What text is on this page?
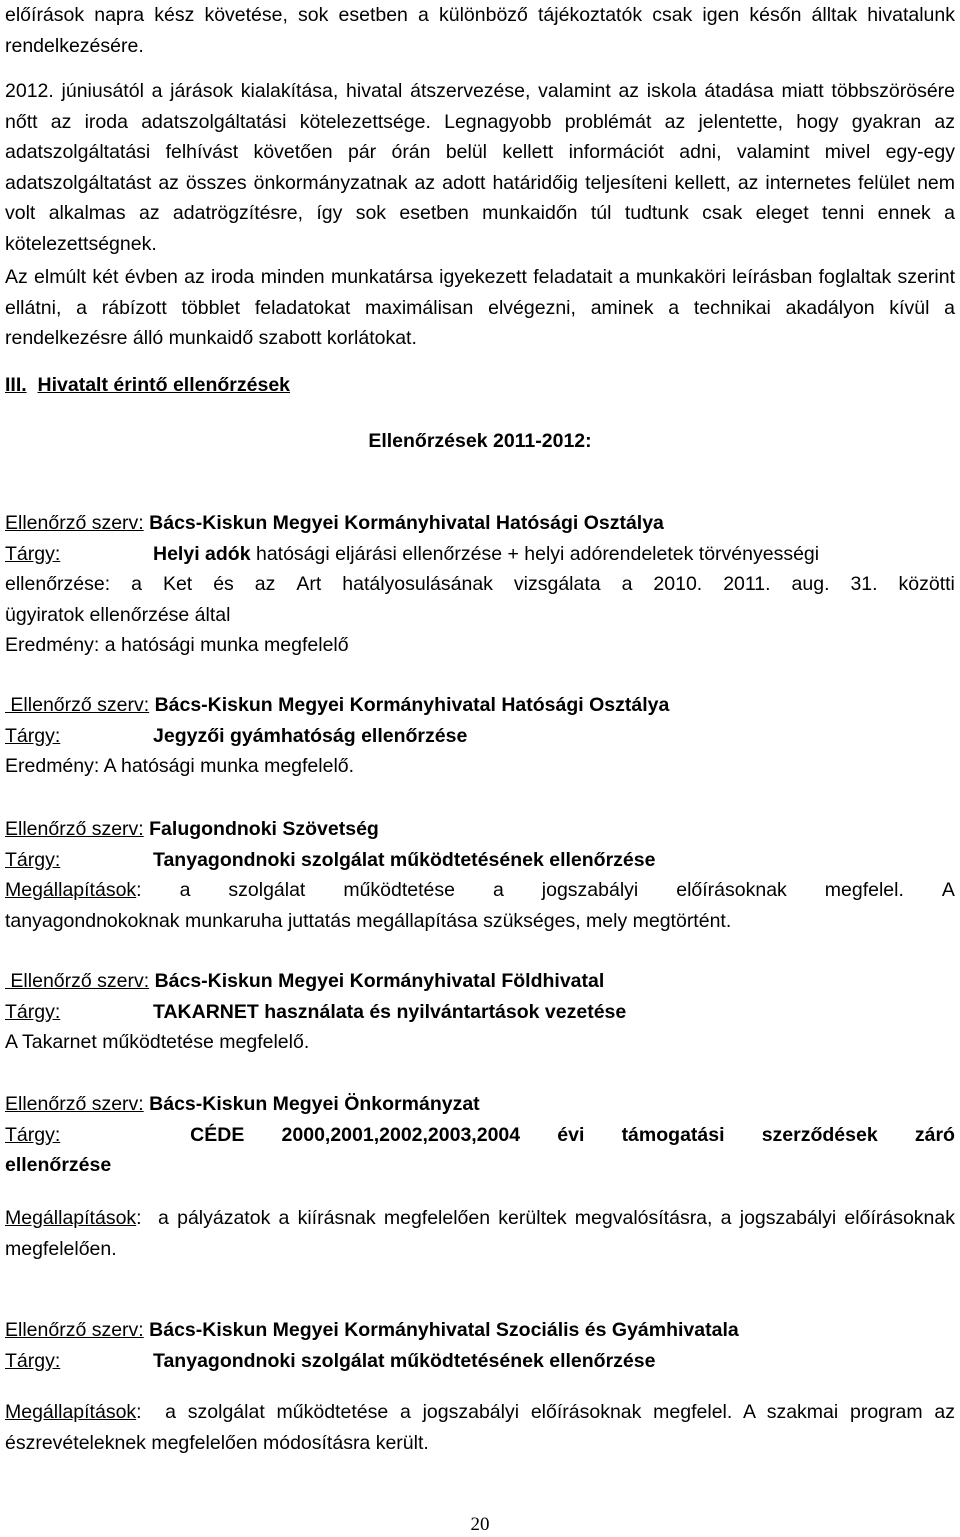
előírások napra kész követése, sok esetben a különböző tájékoztatók csak igen későn álltak hivatalunk rendelkezésére.

2012. júniusától a járások kialakítása, hivatal átszervezése, valamint az iskola átadása miatt többszörösére nőtt az iroda adatszolgáltatási kötelezettsége. Legnagyobb problémát az jelentette, hogy gyakran az adatszolgáltatási felhívást követően pár órán belül kellett információt adni, valamint mivel egy-egy adatszolgáltatást az összes önkormányzatnak az adott határidőig teljesíteni kellett, az internetes felület nem volt alkalmas az adatrögzítésre, így sok esetben munkaidőn túl tudtunk csak eleget tenni ennek a kötelezettségnek.

Az elmúlt két évben az iroda minden munkatársa igyekezett feladatait a munkaköri leírásban foglaltak szerint ellátni, a rábízott többlet feladatokat maximálisan elvégezni, aminek a technikai akadályon kívül a rendelkezésre álló munkaidő szabott korlátokat.

III. Hivatalt érintő ellenőrzések

Ellenőrzések 2011-2012:

Ellenőrző szerv: Bács-Kiskun Megyei Kormányhivatal Hatósági Osztálya

Tárgy:	Helyi adók hatósági eljárási ellenőrzése + helyi adórendeletek törvényességi

ellenőrzése: a Ket és az Art hatályosulásának vizsgálata a 2010. 2011. aug. 31. közötti

ügyiratok ellenőrzése által

Eredmény: a hatósági munka megfelelő

Ellenőrző szerv: Bács-Kiskun Megyei Kormányhivatal Hatósági Osztálya

Tárgy:	Jegyzői gyámhatóság ellenőrzése

Eredmény: A hatósági munka megfelelő.

Ellenőrző szerv: Falugondnoki Szövetség

Tárgy:	Tanyagondnoki szolgálat működtetésének ellenőrzése

Megállapítások: a szolgálat működtetése a jogszabályi előírásoknak megfelel. A

tanyagondnokoknak munkaruha juttatás megállapítása szükséges, mely megtörtént.

Ellenőrző szerv: Bács-Kiskun Megyei Kormányhivatal Földhivatal

Tárgy:	TAKARNET használata és nyilvántartások vezetése

A Takarnet működtetése megfelelő.

Ellenőrző szerv: Bács-Kiskun Megyei Önkormányzat

Tárgy:	CÉDE 2000,2001,2002,2003,2004 évi támogatási szerződések záró

ellenőrzése

Megállapítások:  a pályázatok a kiírásnak megfelelően kerültek megvalósításra, a jogszabályi előírásoknak megfelelően.

Ellenőrző szerv: Bács-Kiskun Megyei Kormányhivatal Szociális és Gyámhivatala

Tárgy:	Tanyagondnoki szolgálat működtetésének ellenőrzése

Megállapítások:  a szolgálat működtetése a jogszabályi előírásoknak megfelel. A szakmai program az észrevételeknek megfelelően módosításra került.

20
